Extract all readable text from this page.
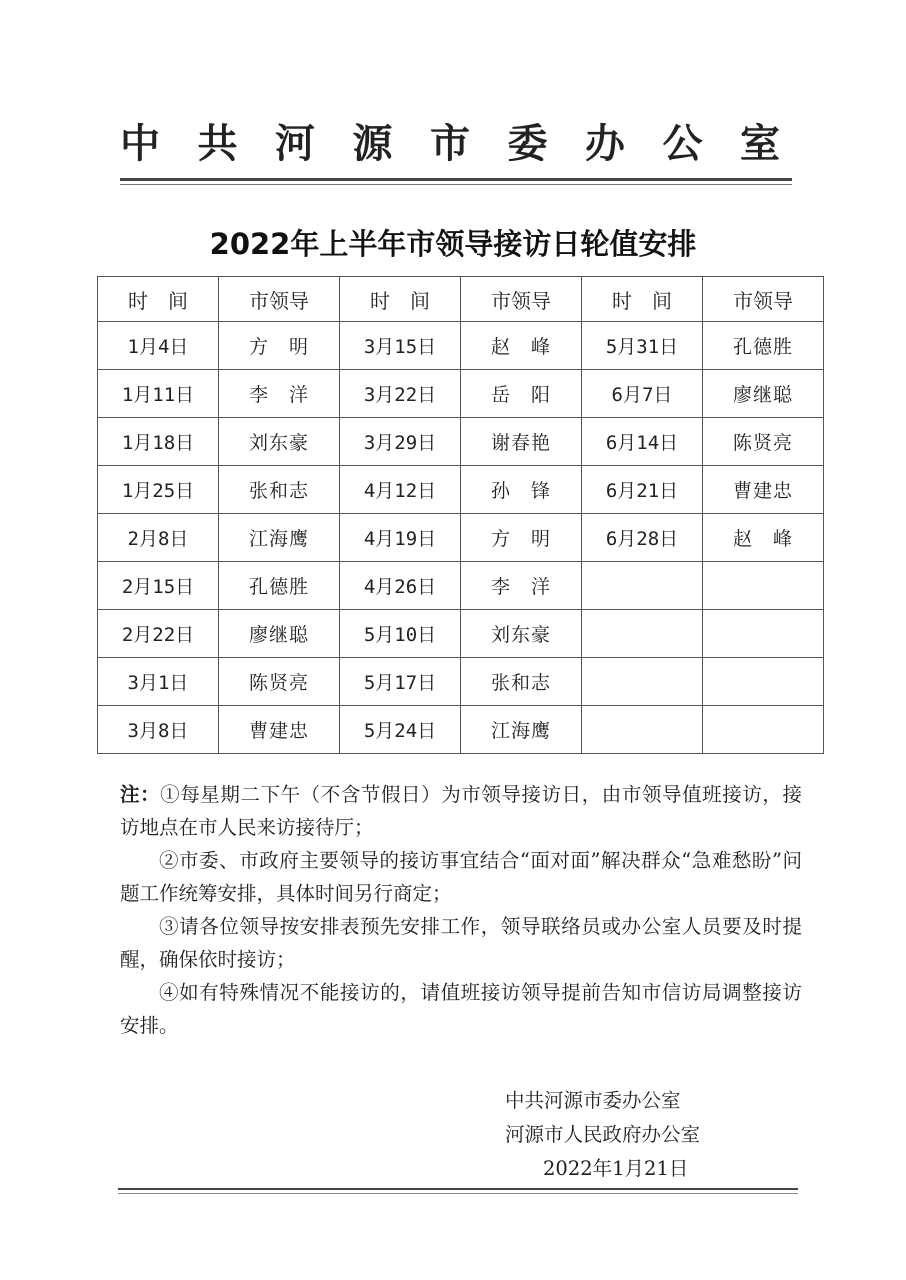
中 共 河 源 市 委 办 公 室
2022年上半年市领导接访日轮值安排
时　间	市领导	时　间	市领导	时　间	市领导
1月4日	方　明	3月15日	赵　峰	5月31日	孔德胜
1月11日	李　洋	3月22日	岳　阳	6月7日	廖继聪
1月18日	刘东豪	3月29日	谢春艳	6月14日	陈贤亮
1月25日	张和志	4月12日	孙　锋	6月21日	曹建忠
2月8日	江海鹰	4月19日	方　明	6月28日	赵　峰
2月15日	孔德胜	4月26日	李　洋		
2月22日	廖继聪	5月10日	刘东豪		
3月1日	陈贤亮	5月17日	张和志		
3月8日	曹建忠	5月24日	江海鹰		

注：①每星期二下午（不含节假日）为市领导接访日，由市领导值班接访，接访地点在市人民来访接待厅；

②市委、市政府主要领导的接访事宜结合“面对面”解决群众“急难愁盼”问题工作统筹安排，具体时间另行商定；

③请各位领导按安排表预先安排工作，领导联络员或办公室人员要及时提醒，确保依时接访；

④如有特殊情况不能接访的，请值班接访领导提前告知市信访局调整接访安排。

中共河源市委办公室
河源市人民政府办公室
2022年1月21日
